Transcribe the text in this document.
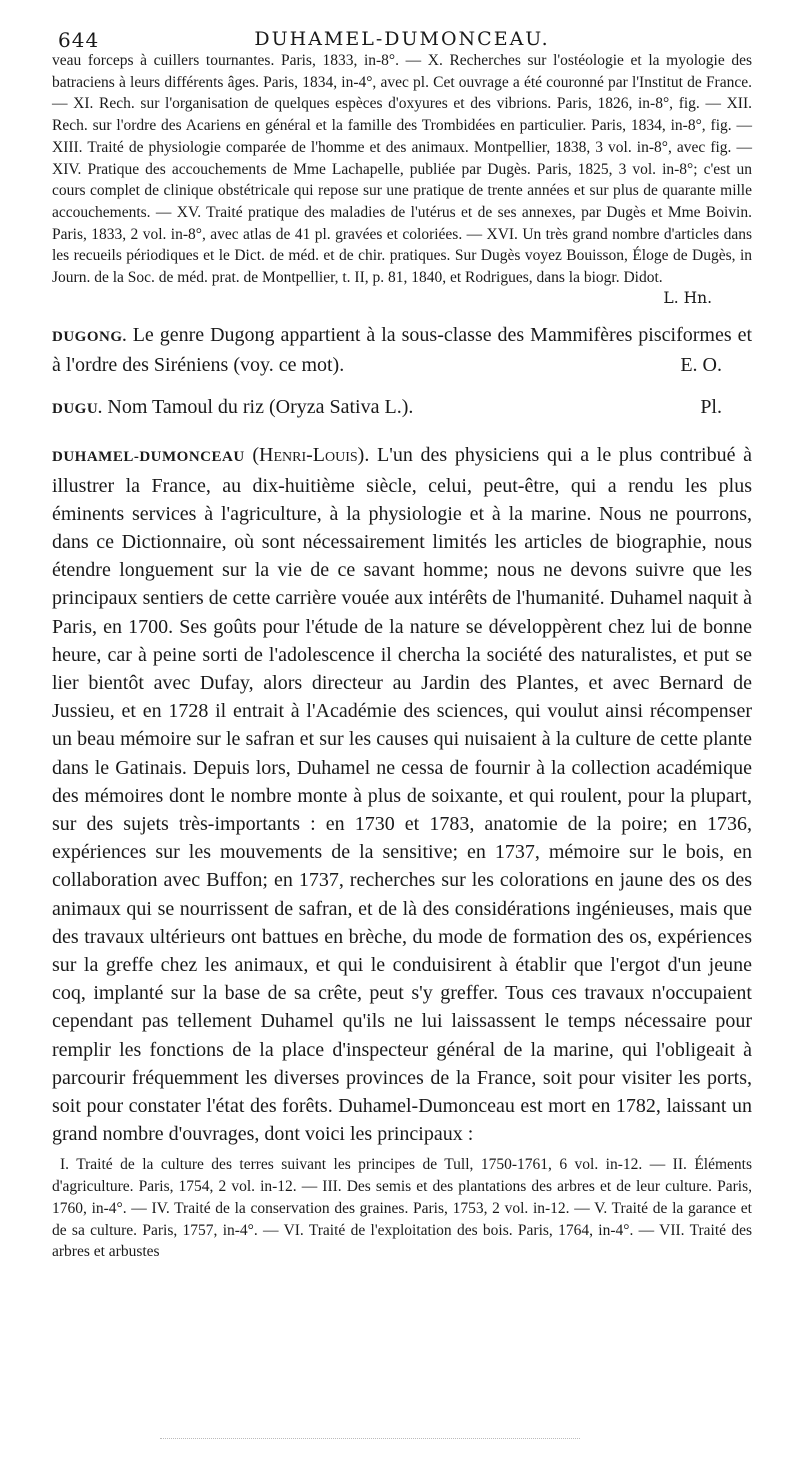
644	DUHAMEL-DUMONCEAU.

veau forceps à cuillers tournantes. Paris, 1833, in-8°. — X. Recherches sur l'ostéologie et la myologie des batraciens à leurs différents âges. Paris, 1834, in-4°, avec pl. Cet ouvrage a été couronné par l'Institut de France. — XI. Rech. sur l'organisation de quelques espèces d'oxyures et des vibrions. Paris, 1826, in-8°, fig. — XII. Rech. sur l'ordre des Acariens en général et la famille des Trombidées en particulier. Paris, 1834, in-8°, fig. — XIII. Traité de physiologie comparée de l'homme et des animaux. Montpellier, 1838, 3 vol. in-8°, avec fig. — XIV. Pratique des accouchements de Mme Lachapelle, publiée par Dugès. Paris, 1825, 3 vol. in-8°; c'est un cours complet de clinique obstétricale qui repose sur une pratique de trente années et sur plus de quarante mille accouchements. — XV. Traité pratique des maladies de l'utérus et de ses annexes, par Dugès et Mme Boivin. Paris, 1833, 2 vol. in-8°, avec atlas de 41 pl. gravées et coloriées. — XVI. Un très grand nombre d'articles dans les recueils périodiques et le Dict. de méd. et de chir. pratiques. Sur Dugès voyez Bouisson, Éloge de Dugès, in Journ. de la Soc. de méd. prat. de Montpellier, t. II, p. 81, 1840, et Rodrigues, dans la biogr. Didot.

L. Hn.

DUGONG. Le genre Dugong appartient à la sous-classe des Mammifères pisciformes et à l'ordre des Siréniens (voy. ce mot).	E. O.

DUGU. Nom Tamoul du riz (Oryza Sativa L.).	Pl.

DUHAMEL-DUMONCEAU (Henri-Louis). L'un des physiciens qui a le plus contribué à illustrer la France, au dix-huitième siècle, celui, peut-être, qui a rendu les plus éminents services à l'agriculture, à la physiologie et à la marine. Nous ne pourrons, dans ce Dictionnaire, où sont nécessairement limités les articles de biographie, nous étendre longuement sur la vie de ce savant homme; nous ne devons suivre que les principaux sentiers de cette carrière vouée aux intérêts de l'humanité. Duhamel naquit à Paris, en 1700. Ses goûts pour l'étude de la nature se développèrent chez lui de bonne heure, car à peine sorti de l'adolescence il chercha la société des naturalistes, et put se lier bientôt avec Dufay, alors directeur au Jardin des Plantes, et avec Bernard de Jussieu, et en 1728 il entrait à l'Académie des sciences, qui voulut ainsi récompenser un beau mémoire sur le safran et sur les causes qui nuisaient à la culture de cette plante dans le Gatinais. Depuis lors, Duhamel ne cessa de fournir à la collection académique des mémoires dont le nombre monte à plus de soixante, et qui roulent, pour la plupart, sur des sujets très-importants : en 1730 et 1783, anatomie de la poire; en 1736, expériences sur les mouvements de la sensitive; en 1737, mémoire sur le bois, en collaboration avec Buffon; en 1737, recherches sur les colorations en jaune des os des animaux qui se nourrissent de safran, et de là des considérations ingénieuses, mais que des travaux ultérieurs ont battues en brèche, du mode de formation des os, expériences sur la greffe chez les animaux, et qui le conduisirent à établir que l'ergot d'un jeune coq, implanté sur la base de sa crête, peut s'y greffer. Tous ces travaux n'occupaient cependant pas tellement Duhamel qu'ils ne lui laissassent le temps nécessaire pour remplir les fonctions de la place d'inspecteur général de la marine, qui l'obligeait à parcourir fréquemment les diverses provinces de la France, soit pour visiter les ports, soit pour constater l'état des forêts. Duhamel-Dumonceau est mort en 1782, laissant un grand nombre d'ouvrages, dont voici les principaux :

I. Traité de la culture des terres suivant les principes de Tull, 1750-1761, 6 vol. in-12. — II. Éléments d'agriculture. Paris, 1754, 2 vol. in-12. — III. Des semis et des plantations des arbres et de leur culture. Paris, 1760, in-4°. — IV. Traité de la conservation des graines. Paris, 1753, 2 vol. in-12. — V. Traité de la garance et de sa culture. Paris, 1757, in-4°. — VI. Traité de l'exploitation des bois. Paris, 1764, in-4°. — VII. Traité des arbres et arbustes
